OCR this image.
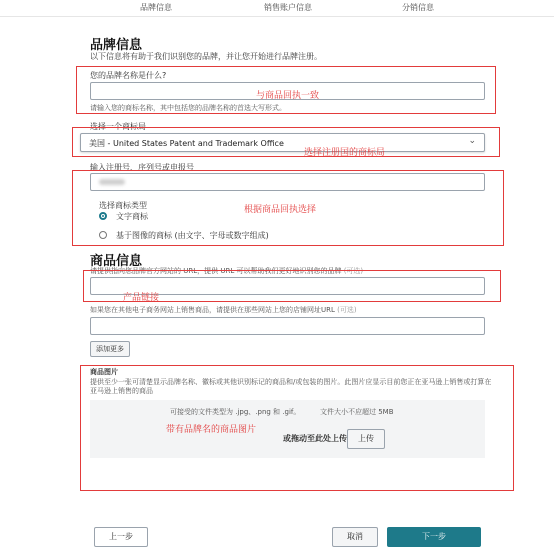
品牌信息	销售账户信息	分销信息
品牌信息
以下信息将有助于我们识别您的品牌，并让您开始进行品牌注册。
您的品牌名称是什么?
请输入您的商标名称，其中包括您的品牌名称的首选大写形式。
与商品回执一致
选择一个商标局
美国 - United States Patent and Trademark Office	⌄
选择注册国的商标局
输入注册号、序列号或申报号
选择商标类型
文字商标
基于图像的商标 (由文字、字母或数字组成)
根据商品回执选择
商品信息
请提供指向您品牌官方网站的 URL，提供 URL 可以帮助我们更好地识别您的品牌 (可选)
产品链接
如果您在其他电子商务网站上销售商品，请提供在那些网站上您的店铺网址URL (可选)
添加更多
商品图片
提供至少一张可清楚显示品牌名称、徽标或其他识别标记的商品和/或包装的图片。此图片应显示目前您正在亚马逊上销售或打算在亚马逊上销售的商品
可接受的文件类型为 .jpg、.png 和 .gif。	文件大小不应超过 5MB
上传
或拖动至此处上传
带有品牌名的商品图片
上一步	取消	下一步
